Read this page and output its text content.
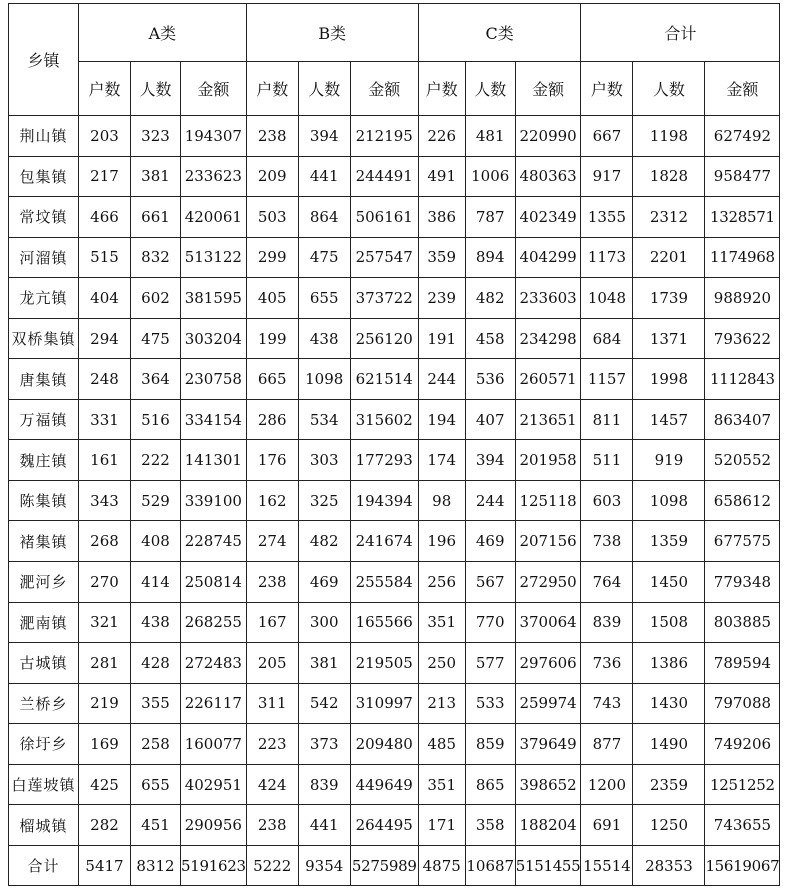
乡镇	A类			B类			C类			合计		
	户数	人数	金额	户数	人数	金额	户数	人数	金额	户数	人数	金额
荆山镇	203	323	194307	238	394	212195	226	481	220990	667	1198	627492
包集镇	217	381	233623	209	441	244491	491	1006	480363	917	1828	958477
常坟镇	466	661	420061	503	864	506161	386	787	402349	1355	2312	1328571
河溜镇	515	832	513122	299	475	257547	359	894	404299	1173	2201	1174968
龙亢镇	404	602	381595	405	655	373722	239	482	233603	1048	1739	988920
双桥集镇	294	475	303204	199	438	256120	191	458	234298	684	1371	793622
唐集镇	248	364	230758	665	1098	621514	244	536	260571	1157	1998	1112843
万福镇	331	516	334154	286	534	315602	194	407	213651	811	1457	863407
魏庄镇	161	222	141301	176	303	177293	174	394	201958	511	919	520552
陈集镇	343	529	339100	162	325	194394	98	244	125118	603	1098	658612
褚集镇	268	408	228745	274	482	241674	196	469	207156	738	1359	677575
淝河乡	270	414	250814	238	469	255584	256	567	272950	764	1450	779348
淝南镇	321	438	268255	167	300	165566	351	770	370064	839	1508	803885
古城镇	281	428	272483	205	381	219505	250	577	297606	736	1386	789594
兰桥乡	219	355	226117	311	542	310997	213	533	259974	743	1430	797088
徐圩乡	169	258	160077	223	373	209480	485	859	379649	877	1490	749206
白莲坡镇	425	655	402951	424	839	449649	351	865	398652	1200	2359	1251252
榴城镇	282	451	290956	238	441	264495	171	358	188204	691	1250	743655
合计	5417	8312	5191623	5222	9354	5275989	4875	10687	5151455	15514	28353	15619067
